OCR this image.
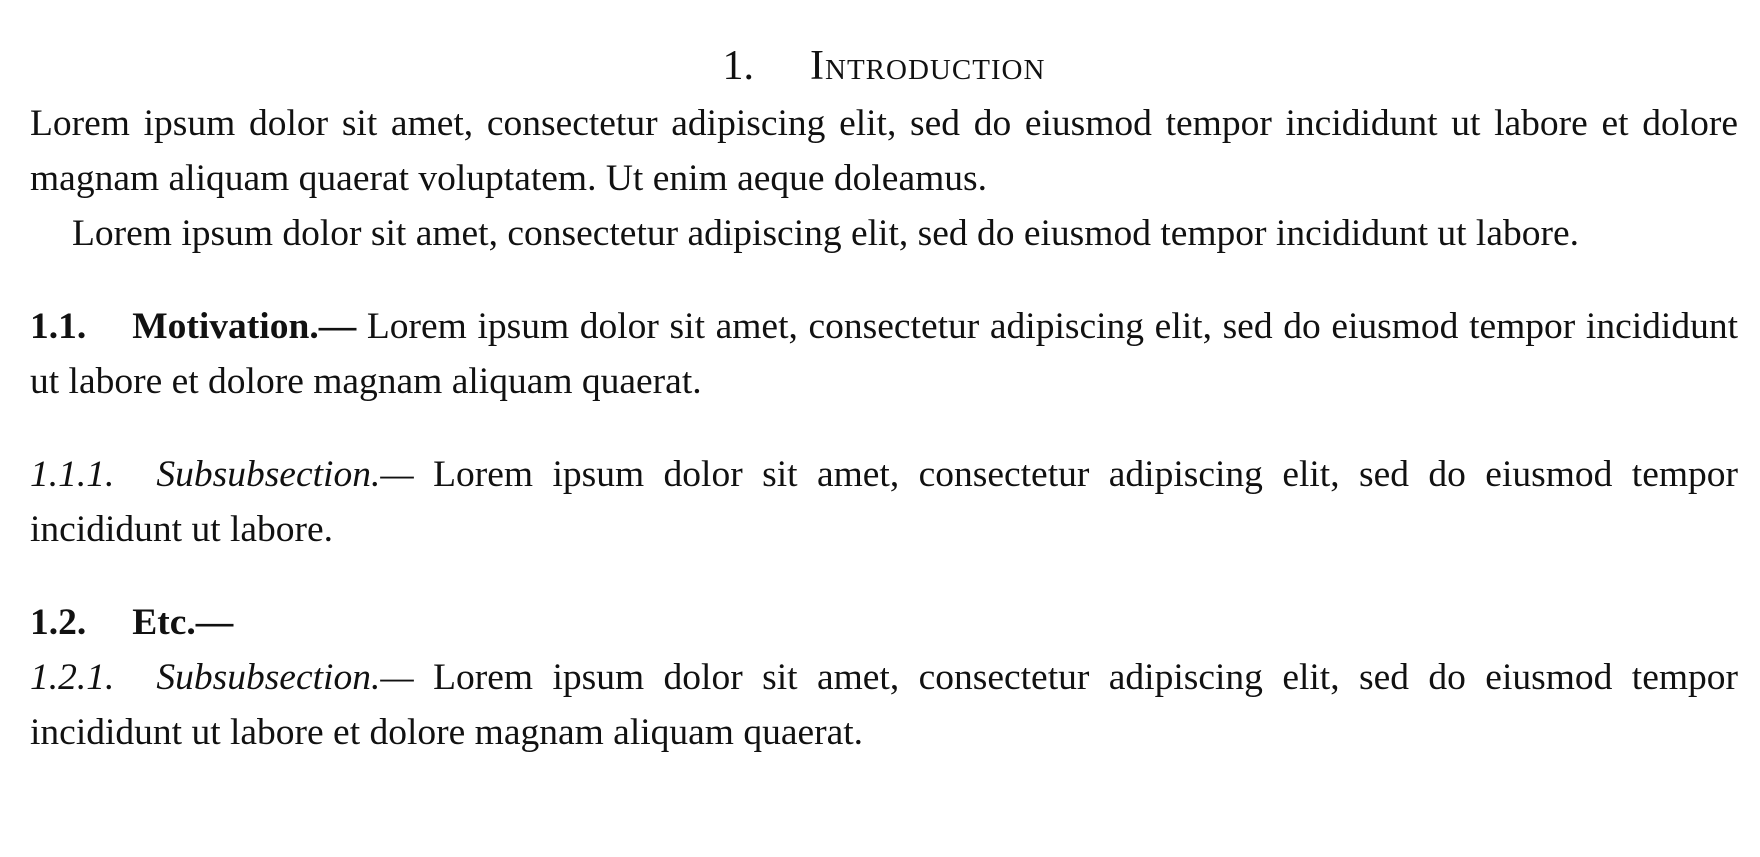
1. Introduction

Lorem ipsum dolor sit amet, consectetur adipiscing elit, sed do eiusmod tempor incididunt ut labore et dolore magnam aliquam quaerat voluptatem. Ut enim aeque doleamus.

Lorem ipsum dolor sit amet, consectetur adipiscing elit, sed do eiusmod tempor incididunt ut labore.

1.1. Motivation.— Lorem ipsum dolor sit amet, consectetur adipiscing elit, sed do eiusmod tempor incididunt ut labore et dolore magnam aliquam quaerat.

1.1.1. Subsubsection.— Lorem ipsum dolor sit amet, consectetur adipiscing elit, sed do eiusmod tempor incididunt ut labore.

1.2. Etc.—

1.2.1. Subsubsection.— Lorem ipsum dolor sit amet, consectetur adipiscing elit, sed do eiusmod tempor incididunt ut labore et dolore magnam aliquam quaerat.
